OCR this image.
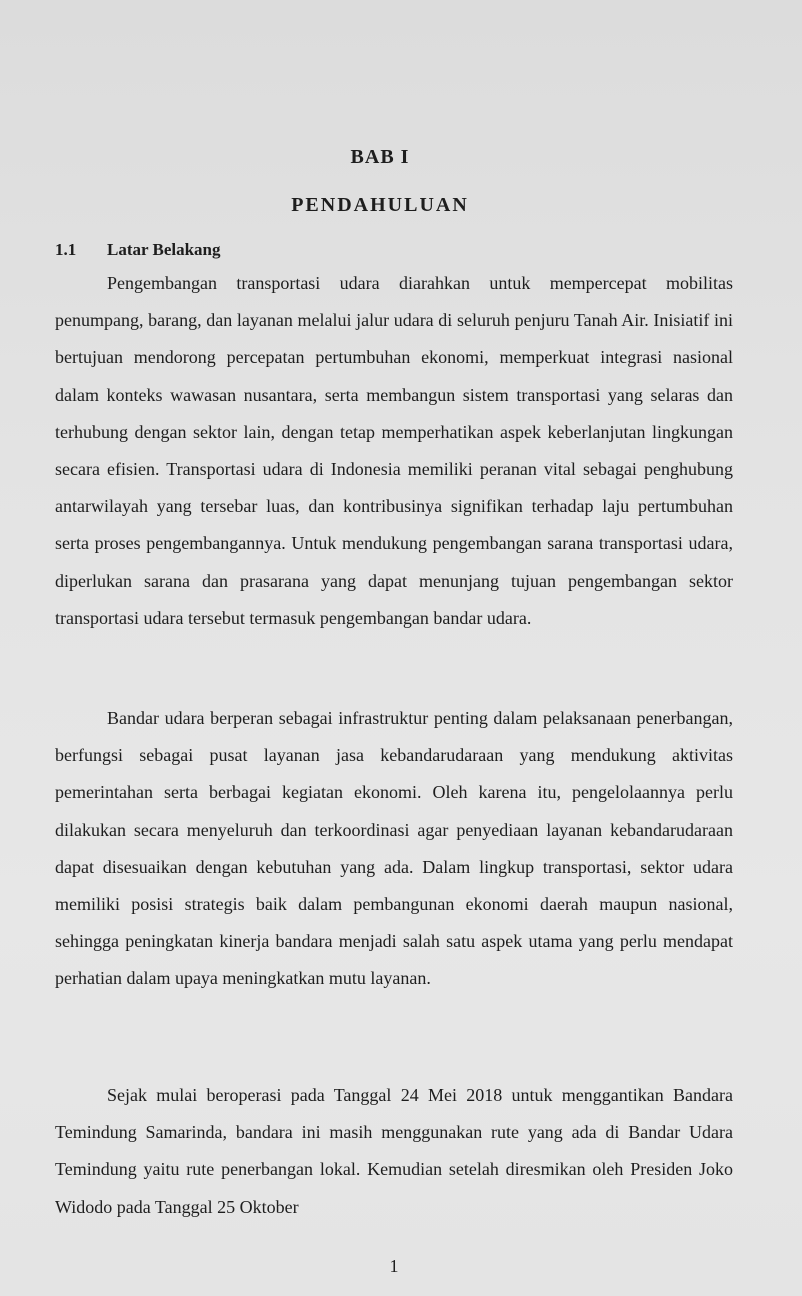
BAB I
PENDAHULUAN
1.1 Latar Belakang

Pengembangan transportasi udara diarahkan untuk mempercepat mobilitas penumpang, barang, dan layanan melalui jalur udara di seluruh penjuru Tanah Air. Inisiatif ini bertujuan mendorong percepatan pertumbuhan ekonomi, memperkuat integrasi nasional dalam konteks wawasan nusantara, serta membangun sistem transportasi yang selaras dan terhubung dengan sektor lain, dengan tetap memperhatikan aspek keberlanjutan lingkungan secara efisien. Transportasi udara di Indonesia memiliki peranan vital sebagai penghubung antarwilayah yang tersebar luas, dan kontribusinya signifikan terhadap laju pertumbuhan serta proses pengembangannya. Untuk mendukung pengembangan sarana transportasi udara, diperlukan sarana dan prasarana yang dapat menunjang tujuan pengembangan sektor transportasi udara tersebut termasuk pengembangan bandar udara.

Bandar udara berperan sebagai infrastruktur penting dalam pelaksanaan penerbangan, berfungsi sebagai pusat layanan jasa kebandarudaraan yang mendukung aktivitas pemerintahan serta berbagai kegiatan ekonomi. Oleh karena itu, pengelolaannya perlu dilakukan secara menyeluruh dan terkoordinasi agar penyediaan layanan kebandarudaraan dapat disesuaikan dengan kebutuhan yang ada. Dalam lingkup transportasi, sektor udara memiliki posisi strategis baik dalam pembangunan ekonomi daerah maupun nasional, sehingga peningkatan kinerja bandara menjadi salah satu aspek utama yang perlu mendapat perhatian dalam upaya meningkatkan mutu layanan.

Sejak mulai beroperasi pada Tanggal 24 Mei 2018 untuk menggantikan Bandara Temindung Samarinda, bandara ini masih menggunakan rute yang ada di Bandar Udara Temindung yaitu rute penerbangan lokal. Kemudian setelah diresmikan oleh Presiden Joko Widodo pada Tanggal 25 Oktober

1
